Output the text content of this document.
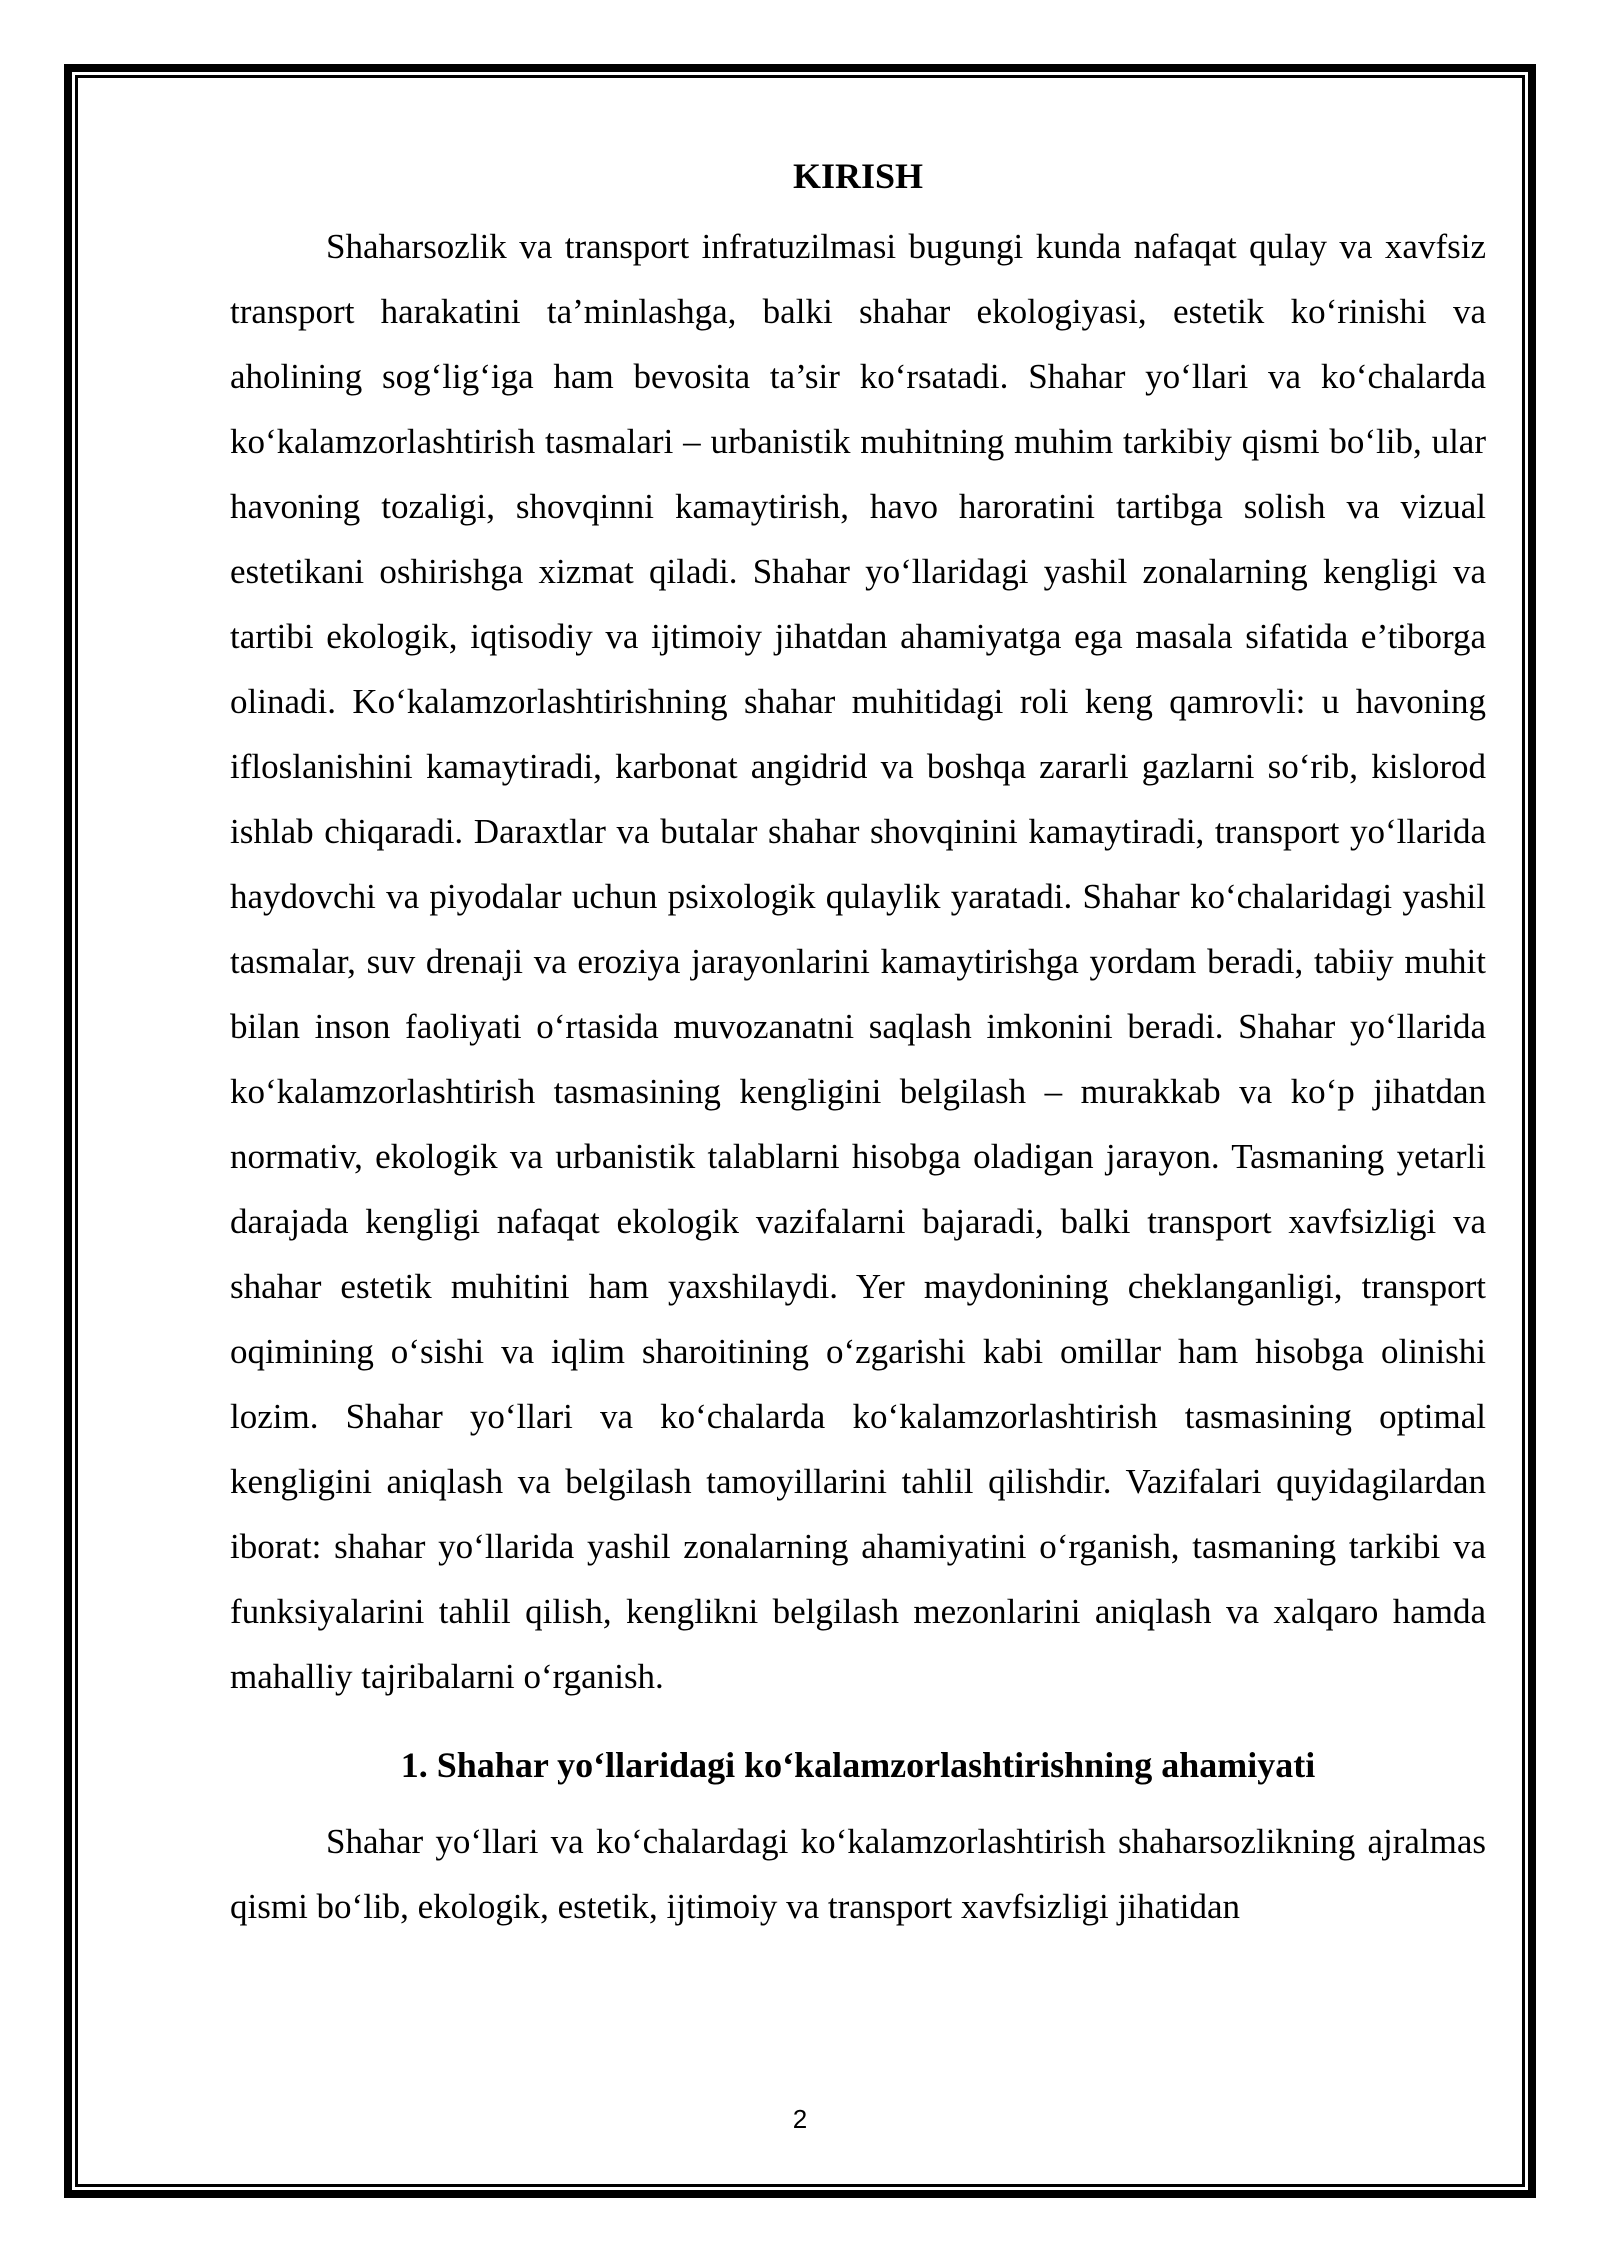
KIRISH

Shaharsozlik va transport infratuzilmasi bugungi kunda nafaqat qulay va xavfsiz transport harakatini ta’minlashga, balki shahar ekologiyasi, estetik ko‘rinishi va aholining sog‘lig‘iga ham bevosita ta’sir ko‘rsatadi. Shahar yo‘llari va ko‘chalarda ko‘kalamzorlashtirish tasmalari – urbanistik muhitning muhim tarkibiy qismi bo‘lib, ular havoning tozaligi, shovqinni kamaytirish, havo haroratini tartibga solish va vizual estetikani oshirishga xizmat qiladi. Shahar yo‘llaridagi yashil zonalarning kengligi va tartibi ekologik, iqtisodiy va ijtimoiy jihatdan ahamiyatga ega masala sifatida e’tiborga olinadi. Ko‘kalamzorlashtirishning shahar muhitidagi roli keng qamrovli: u havoning ifloslanishini kamaytiradi, karbonat angidrid va boshqa zararli gazlarni so‘rib, kislorod ishlab chiqaradi. Daraxtlar va butalar shahar shovqinini kamaytiradi, transport yo‘llarida haydovchi va piyodalar uchun psixologik qulaylik yaratadi. Shahar ko‘chalaridagi yashil tasmalar, suv drenaji va eroziya jarayonlarini kamaytirishga yordam beradi, tabiiy muhit bilan inson faoliyati o‘rtasida muvozanatni saqlash imkonini beradi. Shahar yo‘llarida ko‘kalamzorlashtirish tasmasining kengligini belgilash – murakkab va ko‘p jihatdan normativ, ekologik va urbanistik talablarni hisobga oladigan jarayon. Tasmaning yetarli darajada kengligi nafaqat ekologik vazifalarni bajaradi, balki transport xavfsizligi va shahar estetik muhitini ham yaxshilaydi. Yer maydonining cheklanganligi, transport oqimining o‘sishi va iqlim sharoitining o‘zgarishi kabi omillar ham hisobga olinishi lozim. Shahar yo‘llari va ko‘chalarda ko‘kalamzorlashtirish tasmasining optimal kengligini aniqlash va belgilash tamoyillarini tahlil qilishdir. Vazifalari quyidagilardan iborat: shahar yo‘llarida yashil zonalarning ahamiyatini o‘rganish, tasmaning tarkibi va funksiyalarini tahlil qilish, kenglikni belgilash mezonlarini aniqlash va xalqaro hamda mahalliy tajribalarni o‘rganish.

1. Shahar yo‘llaridagi ko‘kalamzorlashtirishning ahamiyati

Shahar yo‘llari va ko‘chalardagi ko‘kalamzorlashtirish shaharsozlikning ajralmas qismi bo‘lib, ekologik, estetik, ijtimoiy va transport xavfsizligi jihatidan

2
